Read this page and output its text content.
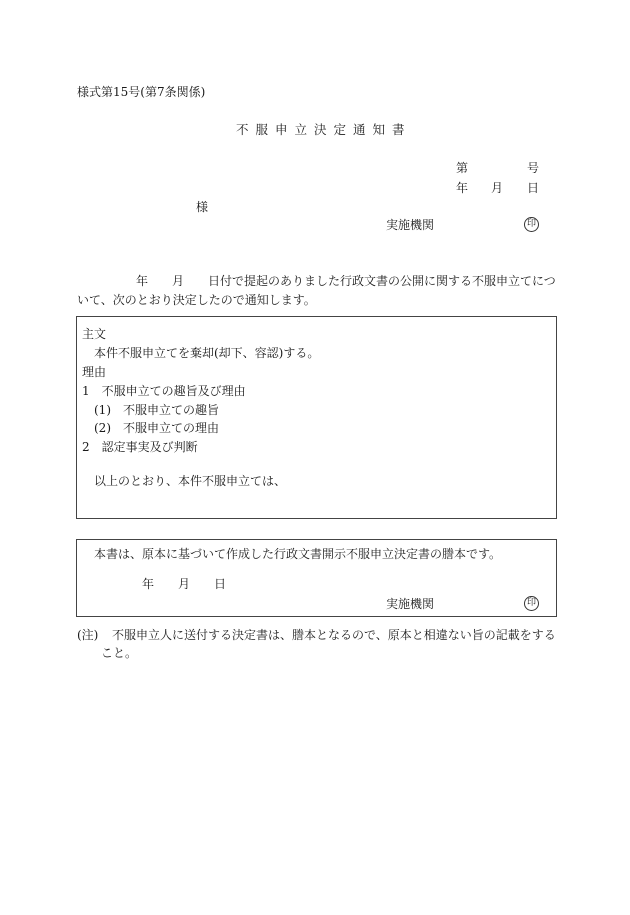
様式第15号(第7条関係)
不服申立決定通知書
第	号
年 月 日
様
実施機関	印
年 月 日付で提起のありました行政文書の公開に関する不服申立てにつ
いて、次のとおり決定したので通知します。
主文
本件不服申立てを棄却(却下、容認)する。
理由
1　不服申立ての趣旨及び理由
(1)　不服申立ての趣旨
(2)　不服申立ての理由
2　認定事実及び判断
以上のとおり、本件不服申立ては、
本書は、原本に基づいて作成した行政文書開示不服申立決定書の謄本です。
年 月 日
実施機関	印
(注) 不服申立人に送付する決定書は、謄本となるので、原本と相違ない旨の記載をする
こと。
